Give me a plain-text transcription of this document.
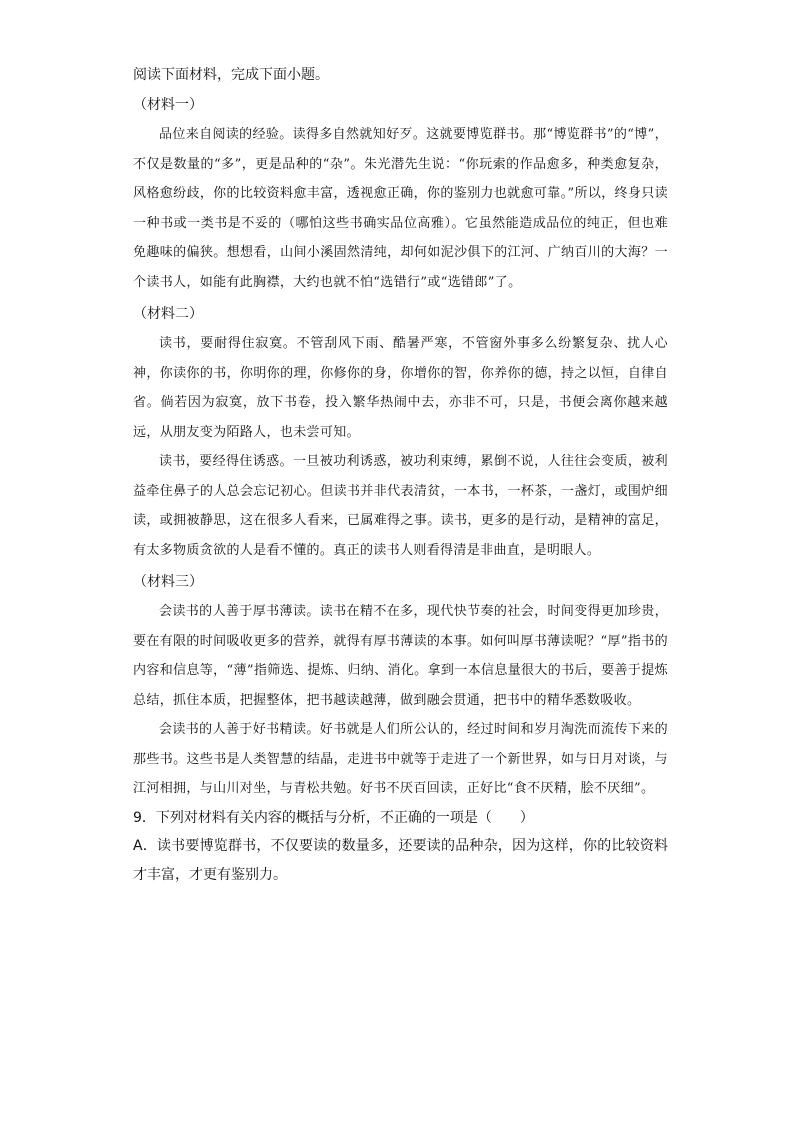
阅读下面材料，完成下面小题。

（材料一）

品位来自阅读的经验。读得多自然就知好歹。这就要博览群书。那“博览群书”的“博”，不仅是数量的“多”，更是品种的“杂”。朱光潜先生说：“你玩索的作品愈多，种类愈复杂，风格愈纷歧，你的比较资料愈丰富，透视愈正确，你的鉴别力也就愈可靠。”所以，终身只读一种书或一类书是不妥的（哪怕这些书确实品位高雅）。它虽然能造成品位的纯正，但也难免趣味的偏狭。想想看，山间小溪固然清纯，却何如泥沙俱下的江河、广纳百川的大海？一个读书人，如能有此胸襟，大约也就不怕“选错行”或“选错郎”了。

（材料二）

读书，要耐得住寂寞。不管刮风下雨、酷暑严寒，不管窗外事多么纷繁复杂、扰人心神，你读你的书，你明你的理，你修你的身，你增你的智，你养你的德，持之以恒，自律自省。倘若因为寂寞，放下书卷，投入繁华热闹中去，亦非不可，只是，书便会离你越来越远，从朋友变为陌路人，也未尝可知。

读书，要经得住诱惑。一旦被功利诱惑，被功利束缚，累倒不说，人往往会变质，被利益牵住鼻子的人总会忘记初心。但读书并非代表清贫，一本书，一杯茶，一盏灯，或围炉细读，或拥被静思，这在很多人看来，已属难得之事。读书，更多的是行动，是精神的富足，有太多物质贪欲的人是看不懂的。真正的读书人则看得清是非曲直，是明眼人。

（材料三）

会读书的人善于厚书薄读。读书在精不在多，现代快节奏的社会，时间变得更加珍贵，要在有限的时间吸收更多的营养，就得有厚书薄读的本事。如何叫厚书薄读呢？“厚”指书的内容和信息等，“薄”指筛选、提炼、归纳、消化。拿到一本信息量很大的书后，要善于提炼总结，抓住本质，把握整体，把书越读越薄，做到融会贯通，把书中的精华悉数吸收。

会读书的人善于好书精读。好书就是人们所公认的，经过时间和岁月淘洗而流传下来的那些书。这些书是人类智慧的结晶，走进书中就等于走进了一个新世界，如与日月对谈，与江河相拥，与山川对坐，与青松共勉。好书不厌百回读，正好比“食不厌精，脍不厌细”。

9．下列对材料有关内容的概括与分析，不正确的一项是（　　）

A．读书要博览群书，不仅要读的数量多，还要读的品种杂，因为这样，你的比较资料才丰富，才更有鉴别力。
